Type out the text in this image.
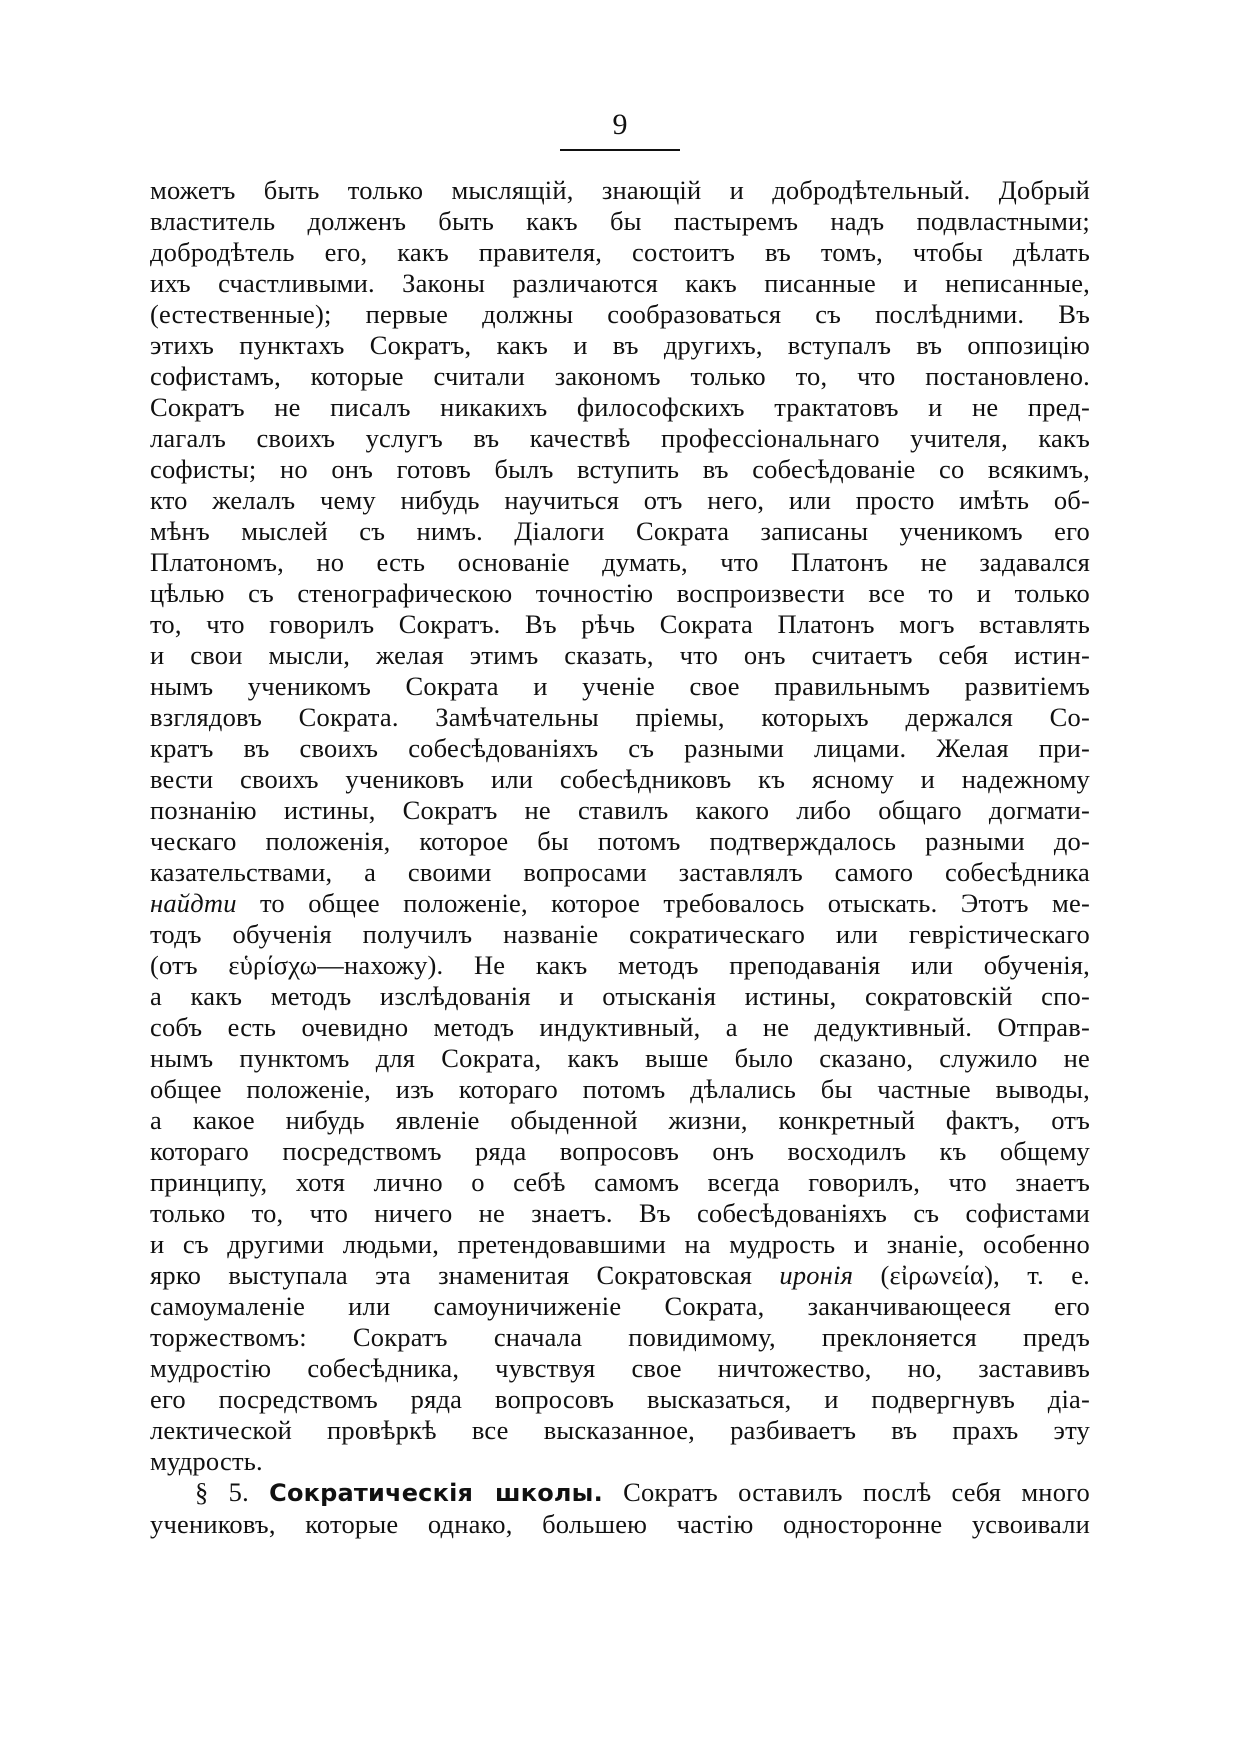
9
можетъ быть только мыслящій, знающій и добродѣтельный. Добрый
властитель долженъ быть какъ бы пастыремъ надъ подвластными;
добродѣтель его, какъ правителя, состоитъ въ томъ, чтобы дѣлать
ихъ счастливыми. Законы различаются какъ писанные и неписанные,
(естественные); первые должны сообразоваться съ послѣдними. Въ
этихъ пунктахъ Сократъ, какъ и въ другихъ, вступалъ въ оппозицію
софистамъ, которые считали закономъ только то, что постановлено.
Сократъ не писалъ никакихъ философскихъ трактатовъ и не пред-
лагалъ своихъ услугъ въ качествѣ профессіональнаго учителя, какъ
софисты; но онъ готовъ былъ вступить въ собесѣдованіе со всякимъ,
кто желалъ чему нибудь научиться отъ него, или просто имѣть об-
мѣнъ мыслей съ нимъ. Діалоги Сократа записаны ученикомъ его
Платономъ, но есть основаніе думать, что Платонъ не задавался
цѣлью съ стенографическою точностію воспроизвести все то и только
то, что говорилъ Сократъ. Въ рѣчь Сократа Платонъ могъ вставлять
и свои мысли, желая этимъ сказать, что онъ считаетъ себя истин-
нымъ ученикомъ Сократа и ученіе свое правильнымъ развитіемъ
взглядовъ Сократа. Замѣчательны пріемы, которыхъ держался Со-
кратъ въ своихъ собесѣдованіяхъ съ разными лицами. Желая при-
вести своихъ учениковъ или собесѣдниковъ къ ясному и надежному
познанію истины, Сократъ не ставилъ какого либо общаго догмати-
ческаго положенія, которое бы потомъ подтверждалось разными до-
казательствами, а своими вопросами заставлялъ самого собесѣдника
найдти то общее положеніе, которое требовалось отыскать. Этотъ ме-
тодъ обученія получилъ названіе сократическаго или геврістическаго
(отъ εὑρίσχω—нахожу). Не какъ методъ преподаванія или обученія,
а какъ методъ изслѣдованія и отысканія истины, сократовскій спо-
собъ есть очевидно методъ индуктивный, а не дедуктивный. Отправ-
нымъ пунктомъ для Сократа, какъ выше было сказано, служило не
общее положеніе, изъ котораго потомъ дѣлались бы частные выводы,
а какое нибудь явленіе обыденной жизни, конкретный фактъ, отъ
котораго посредствомъ ряда вопросовъ онъ восходилъ къ общему
принципу, хотя лично о себѣ самомъ всегда говорилъ, что знаетъ
только то, что ничего не знаетъ. Въ собесѣдованіяхъ съ софистами
и съ другими людьми, претендовавшими на мудрость и знаніе, особенно
ярко выступала эта знаменитая Сократовская иронія (εἰρωνεία), т. е.
самоумаленіе или самоуничиженіе Сократа, заканчивающееся его
торжествомъ: Сократъ сначала повидимому, преклоняется предъ
мудростію собесѣдника, чувствуя свое ничтожество, но, заставивъ
его посредствомъ ряда вопросовъ высказаться, и подвергнувъ діа-
лектической провѣркѣ все высказанное, разбиваетъ въ прахъ эту
мудрость.
§ 5. Сократическія школы. Сократъ оставилъ послѣ себя много
учениковъ, которые однако, большею частію односторонне усвоивали
